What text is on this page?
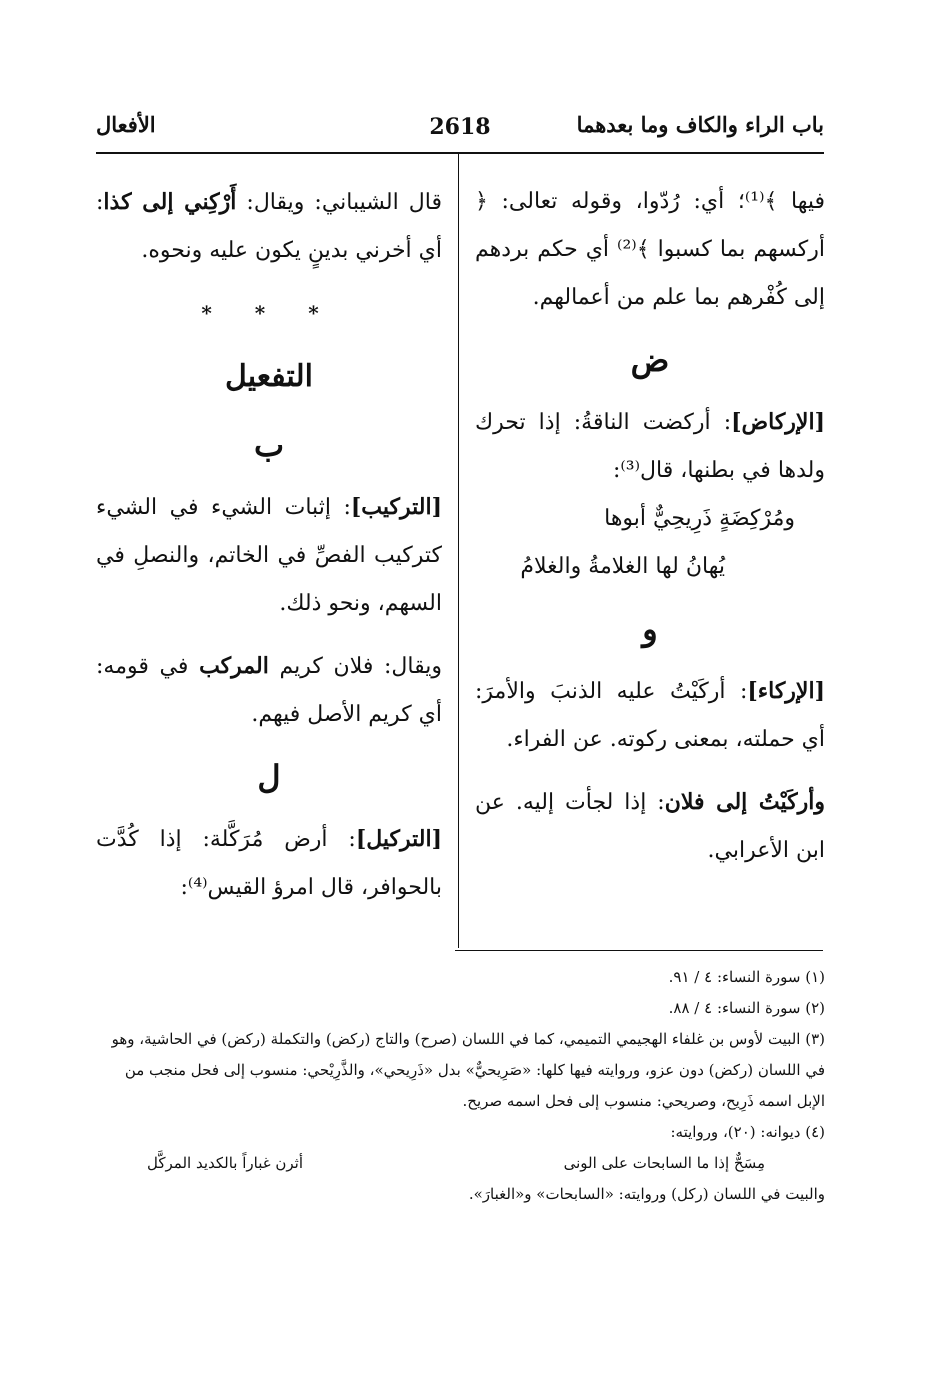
باب الراء والكاف وما بعدهما
2618
الأفعال

فيها ﴾⁽¹⁾؛ أي: رُدّوا، وقوله تعالى: ﴿ أركسهم بما كسبوا ﴾⁽²⁾ أي حكم بردهم إلى كُفْرهم بما علم من أعمالهم.

ض

[الإركاض]: أركضت الناقةُ: إذا تحرك ولدها في بطنها، قال⁽³⁾:

ومُرْكِضَةٍ ذَرِيحِيٌّ أبوها

يُهانُ لها الغلامةُ والغلامُ

و

[الإركاء]: أركَيْتُ عليه الذنبَ والأمرَ: أي حملته، بمعنى ركوته. عن الفراء.

وأركَيْتُ إلى فلان: إذا لجأت إليه. عن ابن الأعرابي.

قال الشيباني: ويقال: أَرْكِني إلى كذا: أي أخرني بدينٍ يكون عليه ونحوه.

* * *
التفعيل
ب

[التركيب]: إثبات الشيء في الشيء كتركيب الفصِّ في الخاتم، والنصلِ في السهم، ونحو ذلك.

ويقال: فلان كريم المركب في قومه: أي كريم الأصل فيهم.

ل

[التركيل]: أرض مُرَكَّلة: إذا كُدَّت بالحوافر، قال امرؤ القيس⁽⁴⁾:

(١) سورة النساء: ٤ / ٩١.

(٢) سورة النساء: ٤ / ٨٨.

(٣) البيت لأوس بن غلفاء الهجيمي التميمي، كما في اللسان (صرح) والتاج (ركض) والتكملة (ركض) في الحاشية، وهو في اللسان (ركض) دون عزو، وروايته فيها كلها: «صَرِيحيٌّ» بدل «ذَرِيحي»، والذَّرِيْحي: منسوب إلى فحل منجب من الإبل اسمه ذَرِيح، وصريحي: منسوب إلى فحل اسمه صريح.

(٤) ديوانه: (٢٠)، وروايته:

مِسَحٌّ إذا ما السابحات على الونى
أثرن غباراً بالكديد المركَّل

والبيت في اللسان (ركل) وروايته: «السابحات» و«الغبارَ».
